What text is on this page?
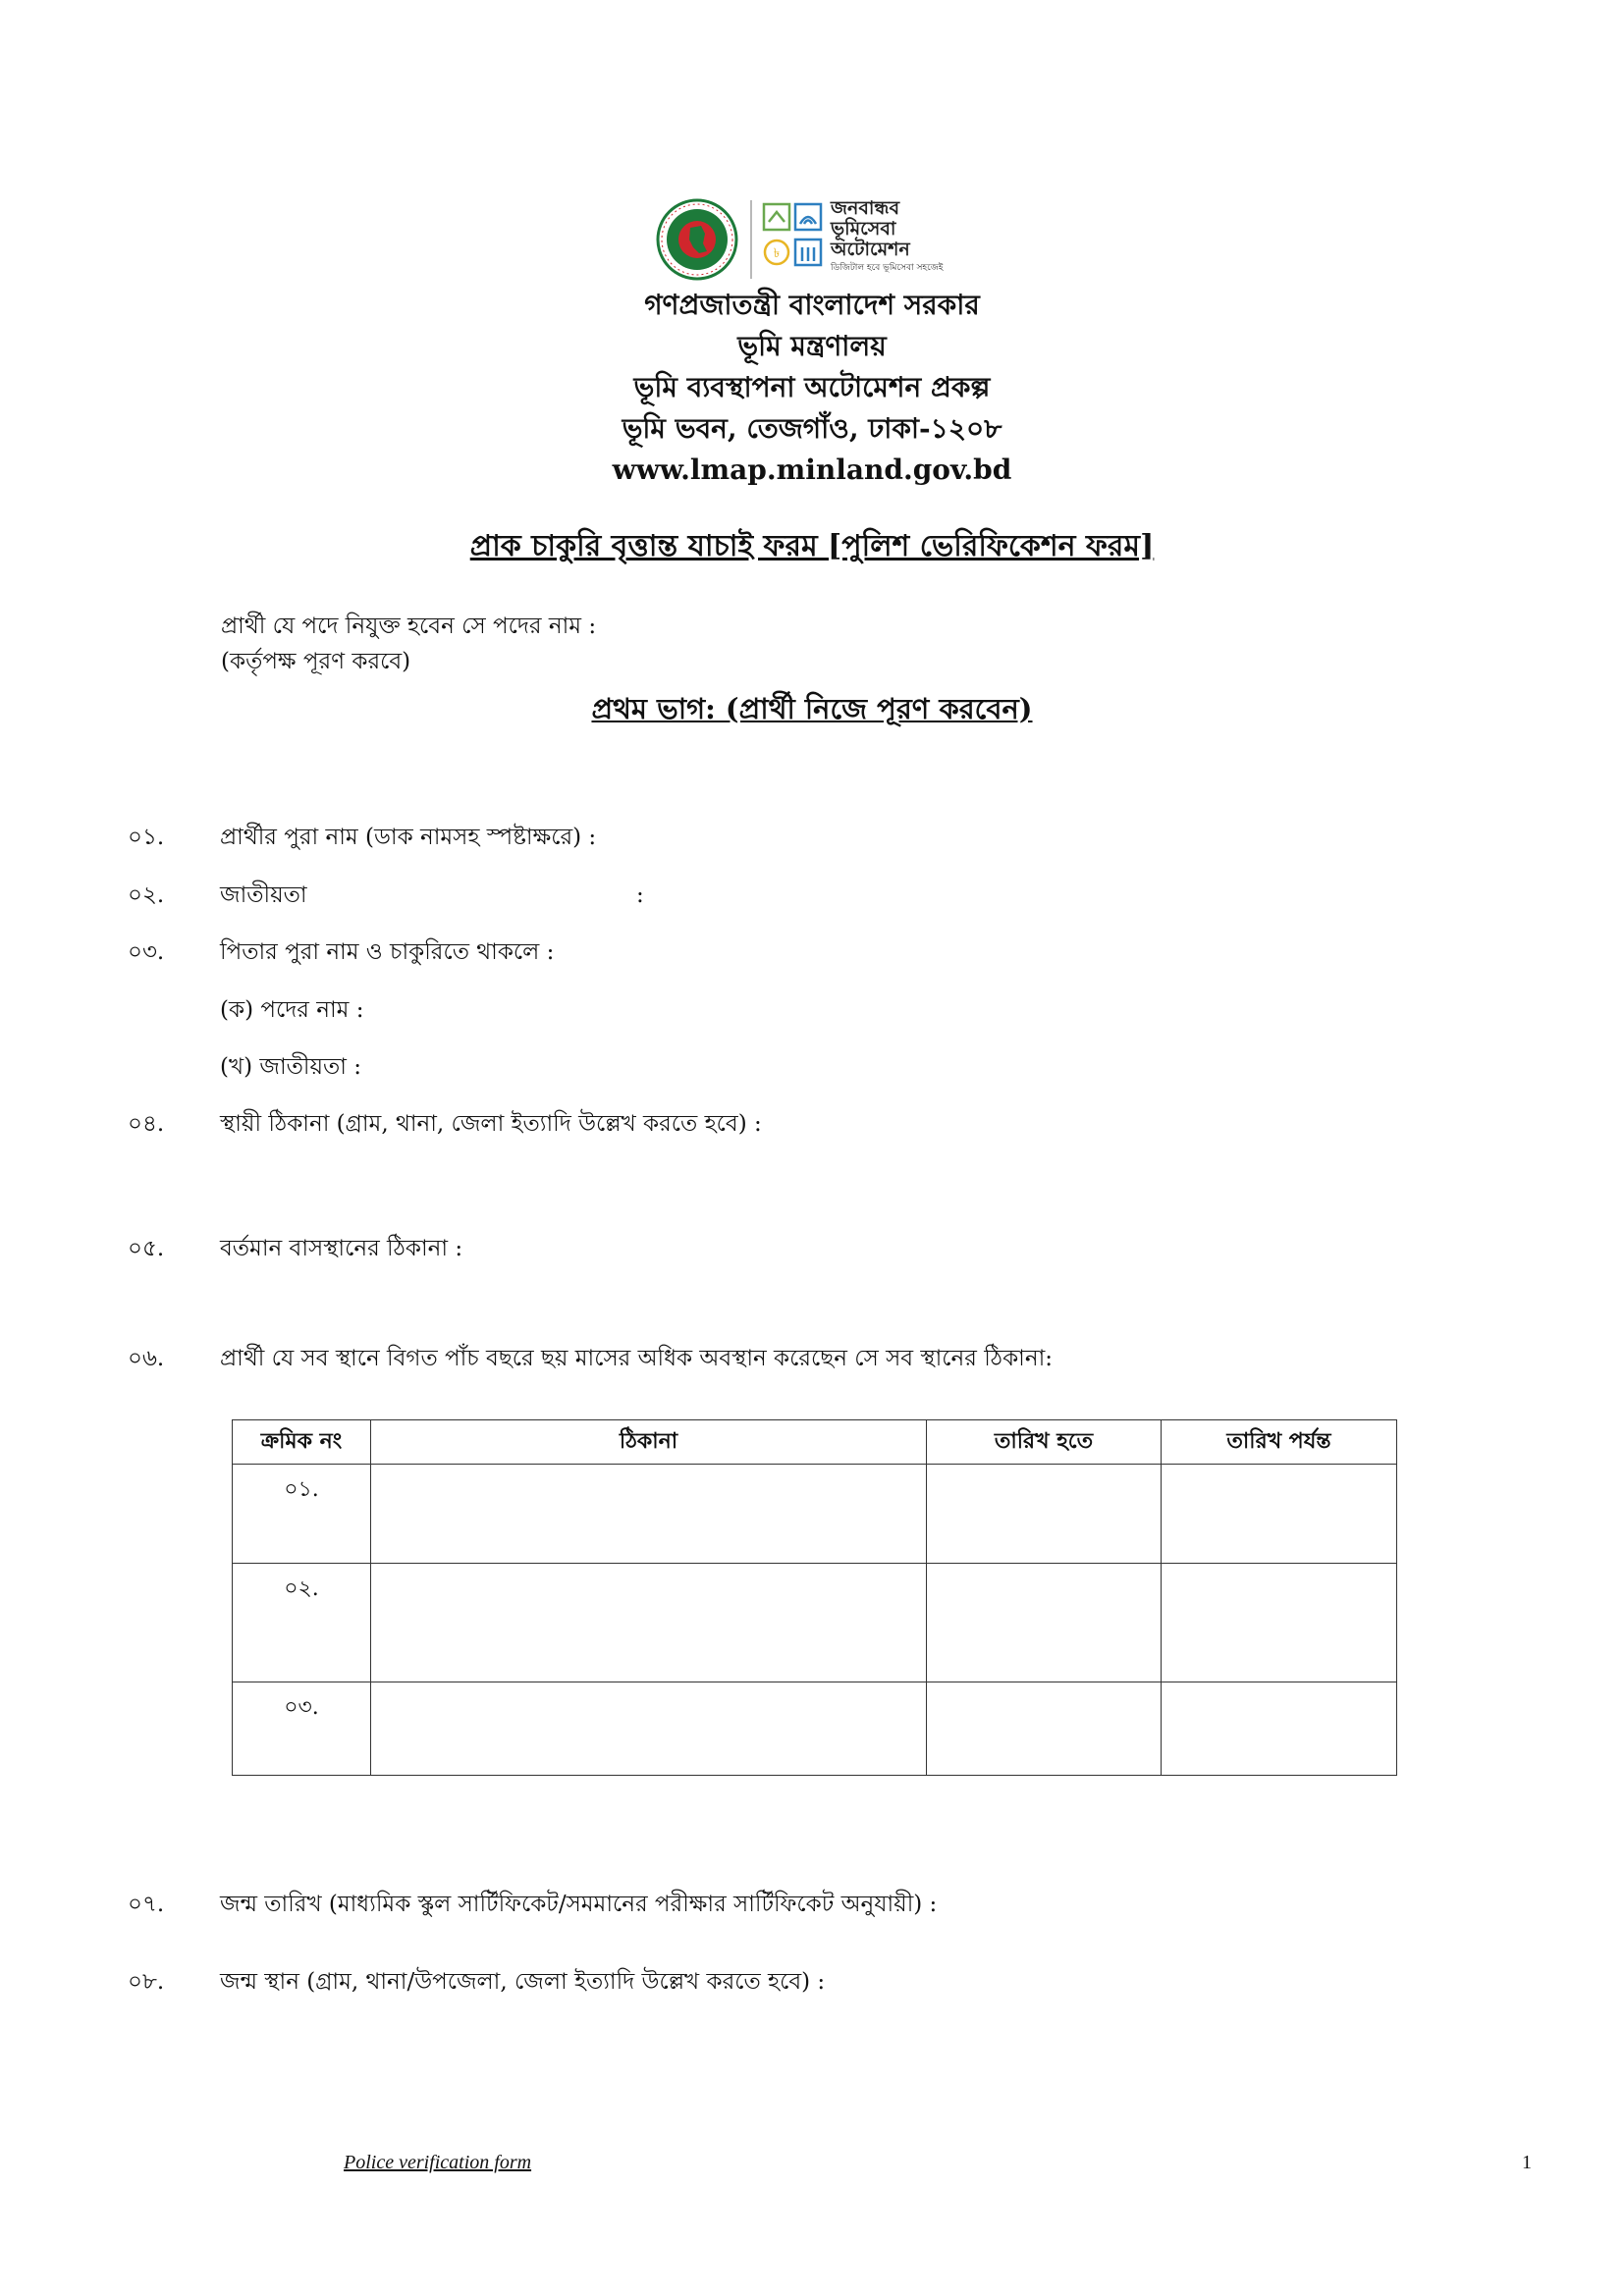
৳
জনবান্ধব
ভূমিসেবা
অটোমেশন
ডিজিটাল হবে ভূমিসেবা সহজেই
গণপ্রজাতন্ত্রী বাংলাদেশ সরকার
ভূমি মন্ত্রণালয়
ভূমি ব্যবস্থাপনা অটোমেশন প্রকল্প
ভূমি ভবন, তেজগাঁও, ঢাকা-১২০৮
www.lmap.minland.gov.bd
প্রাক চাকুরি বৃত্তান্ত যাচাই ফরম [পুলিশ ভেরিফিকেশন ফরম]
প্রার্থী যে পদে নিযুক্ত হবেন সে পদের নাম :
(কর্তৃপক্ষ পূরণ করবে)
প্রথম ভাগ: (প্রার্থী নিজে পূরণ করবেন)
০১.	প্রার্থীর পুরা নাম (ডাক নামসহ স্পষ্টাক্ষরে) :
০২.	জাতীয়তা	:
০৩.	পিতার পুরা নাম ও চাকুরিতে থাকলে :
(ক) পদের নাম :
(খ) জাতীয়তা :
০৪.	স্থায়ী ঠিকানা (গ্রাম, থানা, জেলা ইত্যাদি উল্লেখ করতে হবে) :
০৫.	বর্তমান বাসস্থানের ঠিকানা :
০৬.	প্রার্থী যে সব স্থানে বিগত পাঁচ বছরে ছয় মাসের অধিক অবস্থান করেছেন সে সব স্থানের ঠিকানা:
ক্রমিক নং	ঠিকানা	তারিখ হতে	তারিখ পর্যন্ত
০১.			
০২.			
০৩.			
০৭.	জন্ম তারিখ (মাধ্যমিক স্কুল সার্টিফিকেট/সমমানের পরীক্ষার সার্টিফিকেট অনুযায়ী) :
০৮.	জন্ম স্থান (গ্রাম, থানা/উপজেলা, জেলা ইত্যাদি উল্লেখ করতে হবে) :
Police verification form	1
